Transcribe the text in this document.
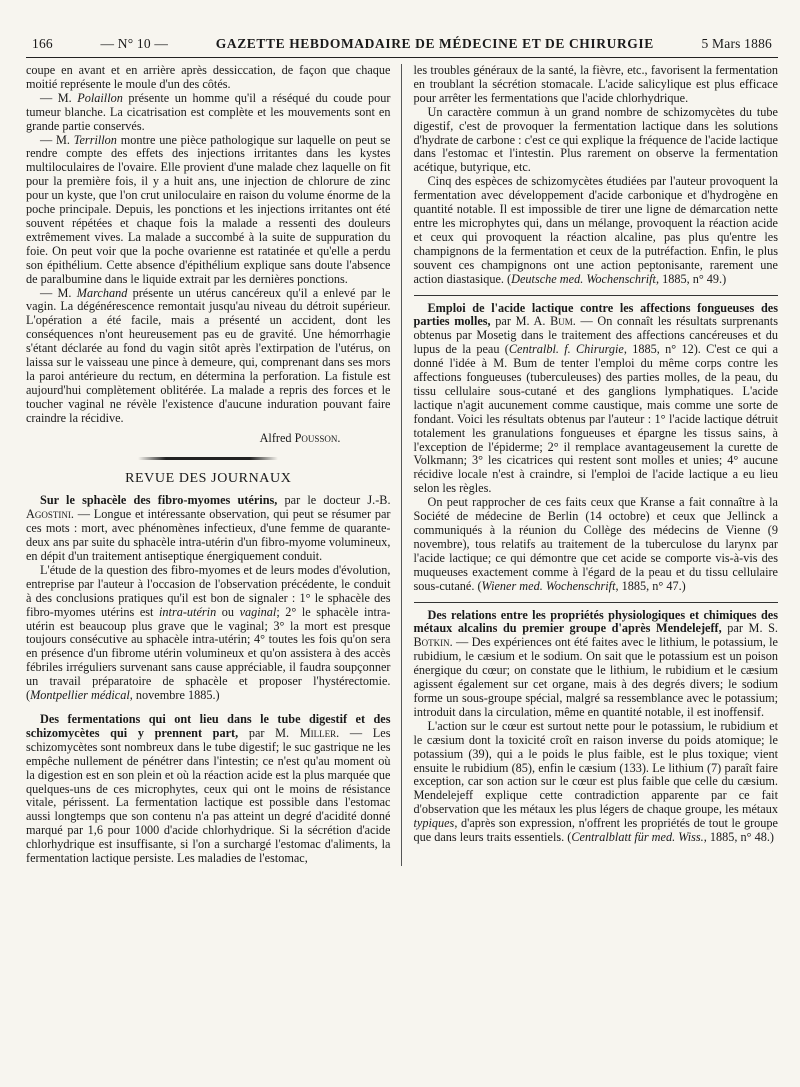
166	— N° 10 —	GAZETTE HEBDOMADAIRE DE MÉDECINE ET DE CHIRURGIE	5 Mars 1886

coupe en avant et en arrière après dessiccation, de façon que chaque moitié représente le moule d'un des côtés.

— M. Polaillon présente un homme qu'il a réséqué du coude pour tumeur blanche. La cicatrisation est complète et les mouvements sont en grande partie conservés.

— M. Terrillon montre une pièce pathologique sur laquelle on peut se rendre compte des effets des injections irritantes dans les kystes multiloculaires de l'ovaire. Elle provient d'une malade chez laquelle on fit pour la première fois, il y a huit ans, une injection de chlorure de zinc pour un kyste, que l'on crut uniloculaire en raison du volume énorme de la poche principale. Depuis, les ponctions et les injections irritantes ont été souvent répétées et chaque fois la malade a ressenti des douleurs extrêmement vives. La malade a succombé à la suite de suppuration du foie. On peut voir que la poche ovarienne est ratatinée et qu'elle a perdu son épithélium. Cette absence d'épithélium explique sans doute l'absence de paralbumine dans le liquide extrait par les dernières ponctions.

— M. Marchand présente un utérus cancéreux qu'il a enlevé par le vagin. La dégénérescence remontait jusqu'au niveau du détroit supérieur. L'opération a été facile, mais a présenté un accident, dont les conséquences n'ont heureusement pas eu de gravité. Une hémorrhagie s'étant déclarée au fond du vagin sitôt après l'extirpation de l'utérus, on laissa sur le vaisseau une pince à demeure, qui, comprenant dans ses mors la paroi antérieure du rectum, en détermina la perforation. La fistule est aujourd'hui complètement oblitérée. La malade a repris des forces et le toucher vaginal ne révèle l'existence d'aucune induration pouvant faire craindre la récidive.

Alfred Pousson.

REVUE DES JOURNAUX

Sur le sphacèle des fibro-myomes utérins, par le docteur J.-B. Agostini. — Longue et intéressante observation, qui peut se résumer par ces mots : mort, avec phénomènes infectieux, d'une femme de quarante-deux ans par suite du sphacèle intra-utérin d'un fibro-myome volumineux, en dépit d'un traitement antiseptique énergiquement conduit.

L'étude de la question des fibro-myomes et de leurs modes d'évolution, entreprise par l'auteur à l'occasion de l'observation précédente, le conduit à des conclusions pratiques qu'il est bon de signaler : 1° le sphacèle des fibro-myomes utérins est intra-utérin ou vaginal; 2° le sphacèle intra-utérin est beaucoup plus grave que le vaginal; 3° la mort est presque toujours consécutive au sphacèle intra-utérin; 4° toutes les fois qu'on sera en présence d'un fibrome utérin volumineux et qu'on assistera à des accès fébriles irréguliers survenant sans cause appréciable, il faudra soupçonner un travail préparatoire de sphacèle et proposer l'hystérectomie. (Montpellier médical, novembre 1885.)

Des fermentations qui ont lieu dans le tube digestif et des schizomycètes qui y prennent part, par M. Miller. — Les schizomycètes sont nombreux dans le tube digestif; le suc gastrique ne les empêche nullement de pénétrer dans l'intestin; ce n'est qu'au moment où la digestion est en son plein et où la réaction acide est la plus marquée que quelques-uns de ces microphytes, ceux qui ont le moins de résistance vitale, périssent. La fermentation lactique est possible dans l'estomac aussi longtemps que son contenu n'a pas atteint un degré d'acidité donné marqué par 1,6 pour 1000 d'acide chlorhydrique. Si la sécrétion d'acide chlorhydrique est insuffisante, si l'on a surchargé l'estomac d'aliments, la fermentation lactique persiste. Les maladies de l'estomac,

les troubles généraux de la santé, la fièvre, etc., favorisent la fermentation en troublant la sécrétion stomacale. L'acide salicylique est plus efficace pour arrêter les fermentations que l'acide chlorhydrique.

Un caractère commun à un grand nombre de schizomycètes du tube digestif, c'est de provoquer la fermentation lactique dans les solutions d'hydrate de carbone : c'est ce qui explique la fréquence de l'acide lactique dans l'estomac et l'intestin. Plus rarement on observe la fermentation acétique, butyrique, etc.

Cinq des espèces de schizomycètes étudiées par l'auteur provoquent la fermentation avec développement d'acide carbonique et d'hydrogène en quantité notable. Il est impossible de tirer une ligne de démarcation nette entre les microphytes qui, dans un mélange, provoquent la réaction acide et ceux qui provoquent la réaction alcaline, pas plus qu'entre les champignons de la fermentation et ceux de la putréfaction. Enfin, le plus souvent ces champignons ont une action peptonisante, rarement une action diastasique. (Deutsche med. Wochenschrift, 1885, n° 49.)

Emploi de l'acide lactique contre les affections fongueuses des parties molles, par M. A. Bum. — On connaît les résultats surprenants obtenus par Mosetig dans le traitement des affections cancéreuses et du lupus de la peau (Centralbl. f. Chirurgie, 1885, n° 12). C'est ce qui a donné l'idée à M. Bum de tenter l'emploi du même corps contre les affections fongueuses (tuberculeuses) des parties molles, de la peau, du tissu cellulaire sous-cutané et des ganglions lymphatiques. L'acide lactique n'agit aucunement comme caustique, mais comme une sorte de fondant. Voici les résultats obtenus par l'auteur : 1° l'acide lactique détruit totalement les granulations fongueuses et épargne les tissus sains, à l'exception de l'épiderme; 2° il remplace avantageusement la curette de Volkmann; 3° les cicatrices qui restent sont molles et unies; 4° aucune récidive locale n'est à craindre, si l'emploi de l'acide lactique a eu lieu selon les règles.

On peut rapprocher de ces faits ceux que Kranse a fait connaître à la Société de médecine de Berlin (14 octobre) et ceux que Jellinck a communiqués à la réunion du Collège des médecins de Vienne (9 novembre), tous relatifs au traitement de la tuberculose du larynx par l'acide lactique; ce qui démontre que cet acide se comporte vis-à-vis des muqueuses exactement comme à l'égard de la peau et du tissu cellulaire sous-cutané. (Wiener med. Wochenschrift, 1885, n° 47.)

Des relations entre les propriétés physiologiques et chimiques des métaux alcalins du premier groupe d'après Mendelejeff, par M. S. Botkin. — Des expériences ont été faites avec le lithium, le potassium, le rubidium, le cæsium et le sodium. On sait que le potassium est un poison énergique du cœur; on constate que le lithium, le rubidium et le cæsium agissent également sur cet organe, mais à des degrés divers; le sodium forme un sous-groupe spécial, malgré sa ressemblance avec le potassium; introduit dans la circulation, même en quantité notable, il est inoffensif.

L'action sur le cœur est surtout nette pour le potassium, le rubidium et le cæsium dont la toxicité croît en raison inverse du poids atomique; le potassium (39), qui a le poids le plus faible, est le plus toxique; vient ensuite le rubidium (85), enfin le cæsium (133). Le lithium (7) paraît faire exception, car son action sur le cœur est plus faible que celle du cæsium. Mendelejeff explique cette contradiction apparente par ce fait d'observation que les métaux les plus légers de chaque groupe, les métaux typiques, d'après son expression, n'offrent les propriétés de tout le groupe que dans leurs traits essentiels. (Centralblatt für med. Wiss., 1885, n° 48.)
